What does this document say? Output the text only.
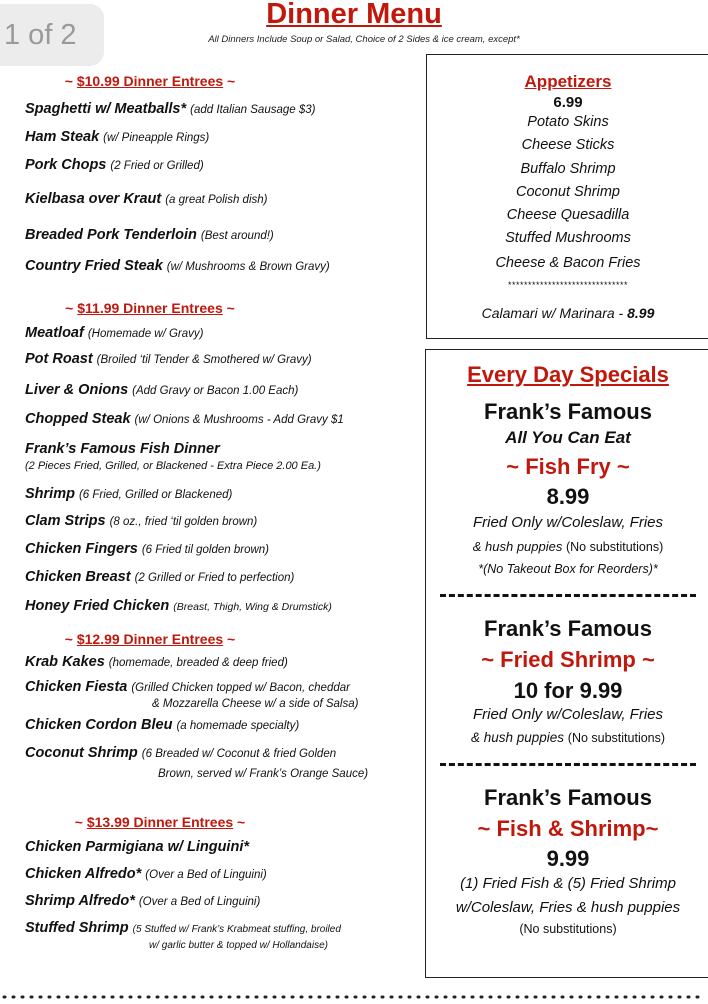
1 of 2
Dinner Menu
All Dinners Include Soup or Salad, Choice of 2 Sides & ice cream, except*
~ $10.99 Dinner Entrees ~
Spaghetti w/ Meatballs* (add Italian Sausage $3)
Ham Steak (w/ Pineapple Rings)
Pork Chops (2 Fried or Grilled)
Kielbasa over Kraut (a great Polish dish)
Breaded Pork Tenderloin (Best around!)
Country Fried Steak (w/ Mushrooms & Brown Gravy)
~ $11.99 Dinner Entrees ~
Meatloaf (Homemade w/ Gravy)
Pot Roast (Broiled ‘til Tender & Smothered w/ Gravy)
Liver & Onions (Add Gravy or Bacon 1.00 Each)
Chopped Steak (w/ Onions & Mushrooms - Add Gravy $1
Frank’s Famous Fish Dinner
(2 Pieces Fried, Grilled, or Blackened - Extra Piece 2.00 Ea.)
Shrimp (6 Fried, Grilled or Blackened)
Clam Strips (8 oz., fried ‘til golden brown)
Chicken Fingers (6 Fried til golden brown)
Chicken Breast (2 Grilled or Fried to perfection)
Honey Fried Chicken (Breast, Thigh, Wing & Drumstick)
~ $12.99 Dinner Entrees ~
Krab Kakes (homemade, breaded & deep fried)
Chicken Fiesta (Grilled Chicken topped w/ Bacon, cheddar
& Mozzarella Cheese w/ a side of Salsa)
Chicken Cordon Bleu (a homemade specialty)
Coconut Shrimp (6 Breaded w/ Coconut & fried Golden
Brown, served w/ Frank’s Orange Sauce)
~ $13.99 Dinner Entrees ~
Chicken Parmigiana w/ Linguini*
Chicken Alfredo* (Over a Bed of Linguini)
Shrimp Alfredo* (Over a Bed of Linguini)
Stuffed Shrimp (5 Stuffed w/ Frank’s Krabmeat stuffing, broiled
w/ garlic butter & topped w/ Hollandaise)
Appetizers
6.99
Potato Skins
Cheese Sticks
Buffalo Shrimp
Coconut Shrimp
Cheese Quesadilla
Stuffed Mushrooms
Cheese & Bacon Fries
******************************
Calamari w/ Marinara - 8.99
Every Day Specials
Frank’s Famous
All You Can Eat
~ Fish Fry ~
8.99
Fried Only w/Coleslaw, Fries
& hush puppies (No substitutions)
*(No Takeout Box for Reorders)*
Frank’s Famous
~ Fried Shrimp ~
10 for 9.99
Fried Only w/Coleslaw, Fries
& hush puppies (No substitutions)
Frank’s Famous
~ Fish & Shrimp~
9.99
(1) Fried Fish & (5) Fried Shrimp
w/Coleslaw, Fries & hush puppies
(No substitutions)
